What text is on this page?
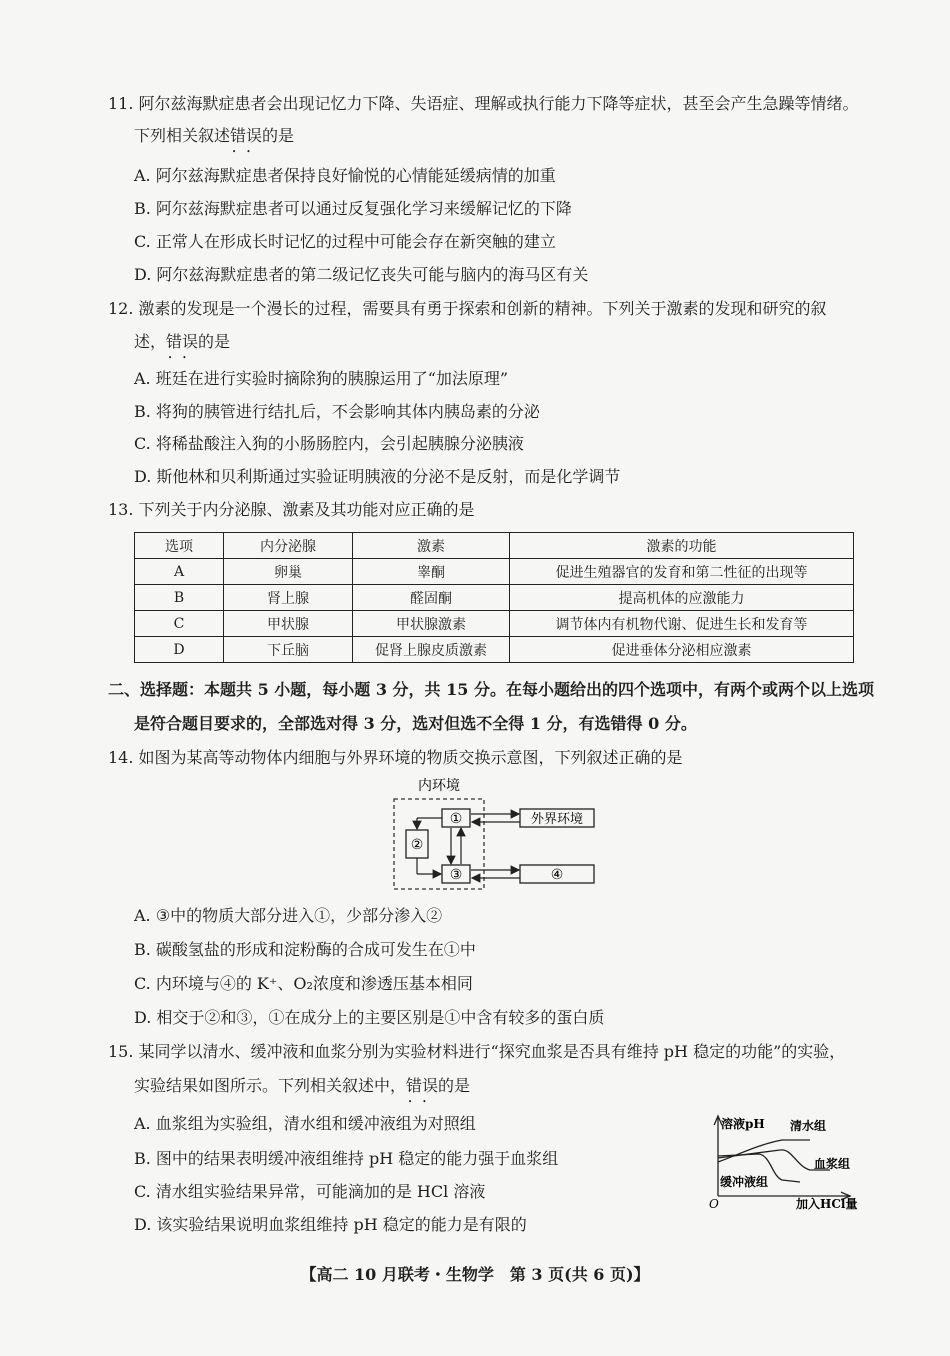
11. 阿尔兹海默症患者会出现记忆力下降、失语症、理解或执行能力下降等症状，甚至会产生急躁等情绪。
下列相关叙述错误 • •的是
A. 阿尔兹海默症患者保持良好愉悦的心情能延缓病情的加重
B. 阿尔兹海默症患者可以通过反复强化学习来缓解记忆的下降
C. 正常人在形成长时记忆的过程中可能会存在新突触的建立
D. 阿尔兹海默症患者的第二级记忆丧失可能与脑内的海马区有关
12. 激素的发现是一个漫长的过程，需要具有勇于探索和创新的精神。下列关于激素的发现和研究的叙
述，错误 • •的是
A. 班廷在进行实验时摘除狗的胰腺运用了“加法原理”
B. 将狗的胰管进行结扎后，不会影响其体内胰岛素的分泌
C. 将稀盐酸注入狗的小肠肠腔内，会引起胰腺分泌胰液
D. 斯他林和贝利斯通过实验证明胰液的分泌不是反射，而是化学调节
13. 下列关于内分泌腺、激素及其功能对应正确的是
选项	内分泌腺	激素	激素的功能
A	卵巢	睾酮	促进生殖器官的发育和第二性征的出现等
B	肾上腺	醛固酮	提高机体的应激能力
C	甲状腺	甲状腺激素	调节体内有机物代谢、促进生长和发育等
D	下丘脑	促肾上腺皮质激素	促进垂体分泌相应激素
二、选择题：本题共 5 小题，每小题 3 分，共 15 分。在每小题给出的四个选项中，有两个或两个以上选项
是符合题目要求的，全部选对得 3 分，选对但选不全得 1 分，有选错得 0 分。
14. 如图为某高等动物体内细胞与外界环境的物质交换示意图，下列叙述正确的是
内环境
①
②
③
外界环境
④
A. ③中的物质大部分进入①，少部分渗入②
B. 碳酸氢盐的形成和淀粉酶的合成可发生在①中
C. 内环境与④的 K⁺、O₂浓度和渗透压基本相同
D. 相交于②和③，①在成分上的主要区别是①中含有较多的蛋白质
15. 某同学以清水、缓冲液和血浆分别为实验材料进行“探究血浆是否具有维持 pH 稳定的功能”的实验，
实验结果如图所示。下列相关叙述中，错误 • •的是
A. 血浆组为实验组，清水组和缓冲液组为对照组
B. 图中的结果表明缓冲液组维持 pH 稳定的能力强于血浆组
C. 清水组实验结果异常，可能滴加的是 HCl 溶液
D. 该实验结果说明血浆组维持 pH 稳定的能力是有限的
溶液pH
O	加入HCl量
清水组
血浆组
缓冲液组
【高二 10 月联考・生物学　第 3 页(共 6 页)】
